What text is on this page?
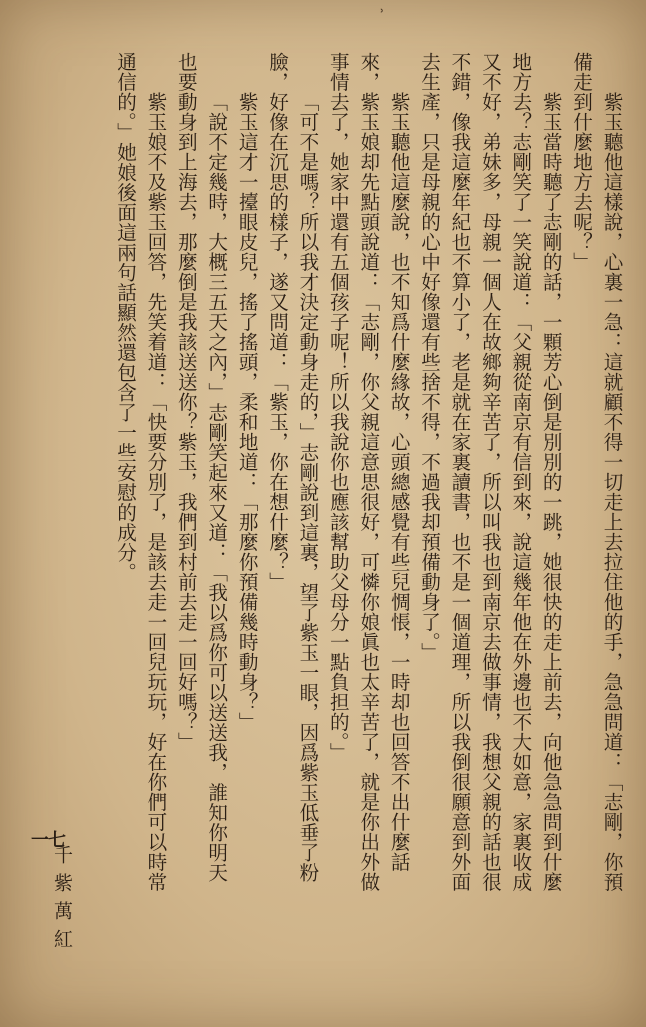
˒
紫玉聽他這樣說，心裏一急：這就顧不得一切走上去拉住他的手，急急問道：「志剛，你預
備走到什麼地方去呢？」
紫玉當時聽了志剛的話，一顆芳心倒是別別的一跳，她很快的走上前去，向他急急問到什麼
地方去？志剛笑了一笑說道：「父親從南京有信到來，說這幾年他在外邊也不大如意，家裏收成
又不好，弟妹多，母親一個人在故鄉夠辛苦了，所以叫我也到南京去做事情，我想父親的話也很
不錯，像我這麼年紀也不算小了，老是就在家裏讀書，也不是一個道理，所以我倒很願意到外面
去生產，只是母親的心中好像還有些捨不得，不過我却預備動身了。」
紫玉聽他這麼說，也不知爲什麼緣故，心頭總感覺有些兒惆悵，一時却也回答不出什麼話
來，紫玉娘却先點頭說道：「志剛，你父親這意思很好，可憐你娘眞也太辛苦了，就是你出外做
事情去了，她家中還有五個孩子呢！所以我說你也應該幫助父母分一點負担的。」
「可不是嗎？所以我才決定動身走的，」志剛說到這裏，望了紫玉一眼，因爲紫玉低垂了粉
臉，好像在沉思的樣子，遂又問道：「紫玉，你在想什麼？」
紫玉這才一擡眼皮兒，搖了搖頭，柔和地道：「那麼你預備幾時動身？」
「說不定幾時，大概三五天之內，」志剛笑起來又道：「我以爲你可以送送我，誰知你明天
也要動身到上海去，那麼倒是我該送送你？紫玉，我們到村前去走一回好嗎？」
紫玉娘不及紫玉回答，先笑着道：「快要分別了，是該去走一回兒玩玩，好在你們可以時常
通信的。」她娘後面這兩句話顯然還包含了一些安慰的成分。
千紫萬紅
一七
